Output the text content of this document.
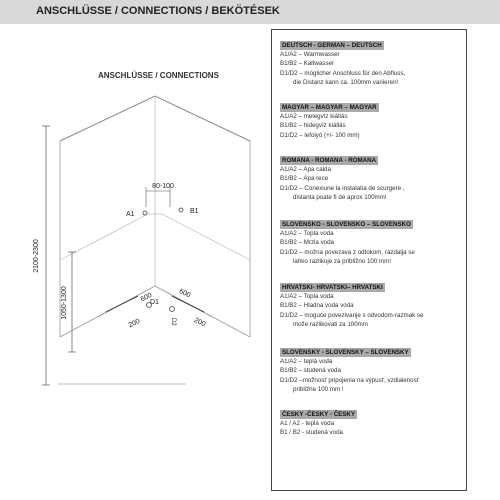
ANSCHLÜSSE / CONNECTIONS / BEKÖTÉSEK
ANSCHLÜSSE / CONNECTIONS
2100-2300
1050-1300
80-100
A1	B1
D1
D2
600	600
200	200
DEUTSCH - GERMAN – DEUTSCH
A1/A2 – Warmwasser
B1/B2 – Kaltwasser
D1/D2 – möglicher Anschluss für den Abfluss,
die Distanz kann ca. 100mm variieren!
MAGYAR – MAGYAR – MAGYAR
A1/A2 – melegvíz kiállás
B1/B2 – hidegvíz kiállás
D1/D2 – lefolyó (+/- 100 mm)
ROMANA - ROMANA - ROMANA
A1/A2 – Apa calda
B1/B2 – Apa rece
D1/D2 – Conexiune la instalatia de scurgere ,
distanta poate fi de aprox 100mm!
SLOVENSKO - SLOVENSKO – SLOVENSKO
A1/A2 – Topla voda
B1/B2 – Mrzla voda
D1/D2 – možna povezava z odtokom, razdalja se
lahko razlikuje za približno 100 mm!
HRVATSKI- HRVATSKI– HRVATSKI
A1/A2 – Topla voda
B1/B2 – Hladna voda voda
D1/D2 – moguće povezivanje s odvodom-razmak se
može razlikovati za 100mm
SLOVENSKY - SLOVENSKY – SLOVENSKY
A1/A2 – teplá voda
B1/B2 – studená voda
D1/D2 –možnosť pripojenia na výpusť, vzdialenosť
približne 100 mm !
ČESKY -ČESKY - ČESKY
A1 / A2 - teplá voda
B1 / B2 - studená voda
